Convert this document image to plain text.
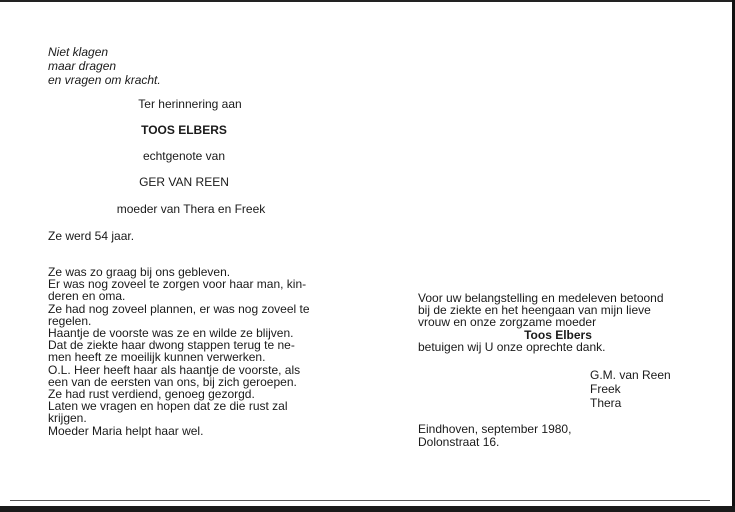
Niet klagen
maar dragen
en vragen om kracht.
Ter herinnering aan
TOOS ELBERS
echtgenote van
GER VAN REEN
moeder van Thera en Freek
Ze werd 54 jaar.
Ze was zo graag bij ons gebleven.
Er was nog zoveel te zorgen voor haar man, kin-
deren en oma.
Ze had nog zoveel plannen, er was nog zoveel te
regelen.
Haantje de voorste was ze en wilde ze blijven.
Dat de ziekte haar dwong stappen terug te ne-
men heeft ze moeilijk kunnen verwerken.
O.L. Heer heeft haar als haantje de voorste, als
een van de eersten van ons, bij zich geroepen.
Ze had rust verdiend, genoeg gezorgd.
Laten we vragen en hopen dat ze die rust zal
krijgen.
Moeder Maria helpt haar wel.
Voor uw belangstelling en medeleven betoond
bij de ziekte en het heengaan van mijn lieve
vrouw en onze zorgzame moeder
Toos Elbers
betuigen wij U onze oprechte dank.
G.M. van Reen
Freek
Thera
Eindhoven, september 1980,
Dolonstraat 16.
